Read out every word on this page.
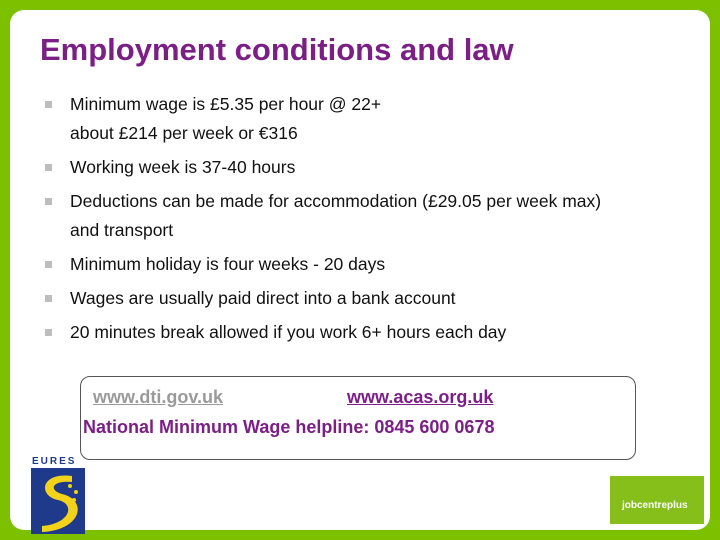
Employment conditions and law
Minimum wage is £5.35 per hour @ 22+
about £214 per week or €316
Working week is 37-40 hours
Deductions can be made for accommodation (£29.05 per week max)
and transport
Minimum holiday is four weeks - 20 days
Wages are usually paid direct into a bank account
20 minutes break allowed if you work 6+ hours each day
www.dti.gov.uk	www.acas.org.uk
National Minimum Wage helpline: 0845 600 0678
EURES
jobcentreplus
